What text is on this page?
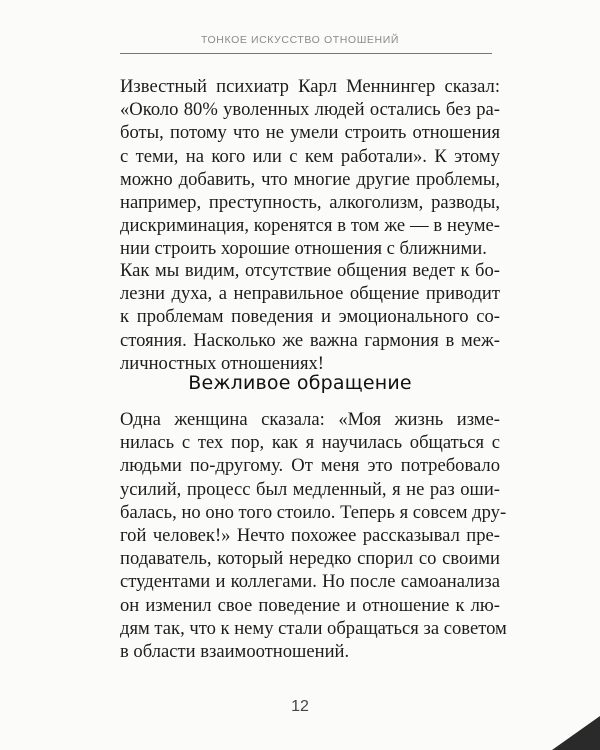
ТОНКОЕ ИСКУССТВО ОТНОШЕНИЙ

Известный психиатр Карл Меннингер сказал:
«Около 80% уволенных людей остались без ра-
боты, потому что не умели строить отношения
с теми, на кого или с кем работали». К этому
можно добавить, что многие другие проблемы,
например, преступность, алкоголизм, разводы,
дискриминация, коренятся в том же — в неуме-
нии строить хорошие отношения с ближними.

Как мы видим, отсутствие общения ведет к бо-
лезни духа, а неправильное общение приводит
к проблемам поведения и эмоционального со-
стояния. Насколько же важна гармония в меж-
личностных отношениях!

Вежливое обращение

Одна женщина сказала: «Моя жизнь изме-
нилась с тех пор, как я научилась общаться с
людьми по-другому. От меня это потребовало
усилий, процесс был медленный, я не раз оши-
балась, но оно того стоило. Теперь я совсем дру-
гой человек!» Нечто похожее рассказывал пре-
подаватель, который нередко спорил со своими
студентами и коллегами. Но после самоанализа
он изменил свое поведение и отношение к лю-
дям так, что к нему стали обращаться за советом
в области взаимоотношений.

12
